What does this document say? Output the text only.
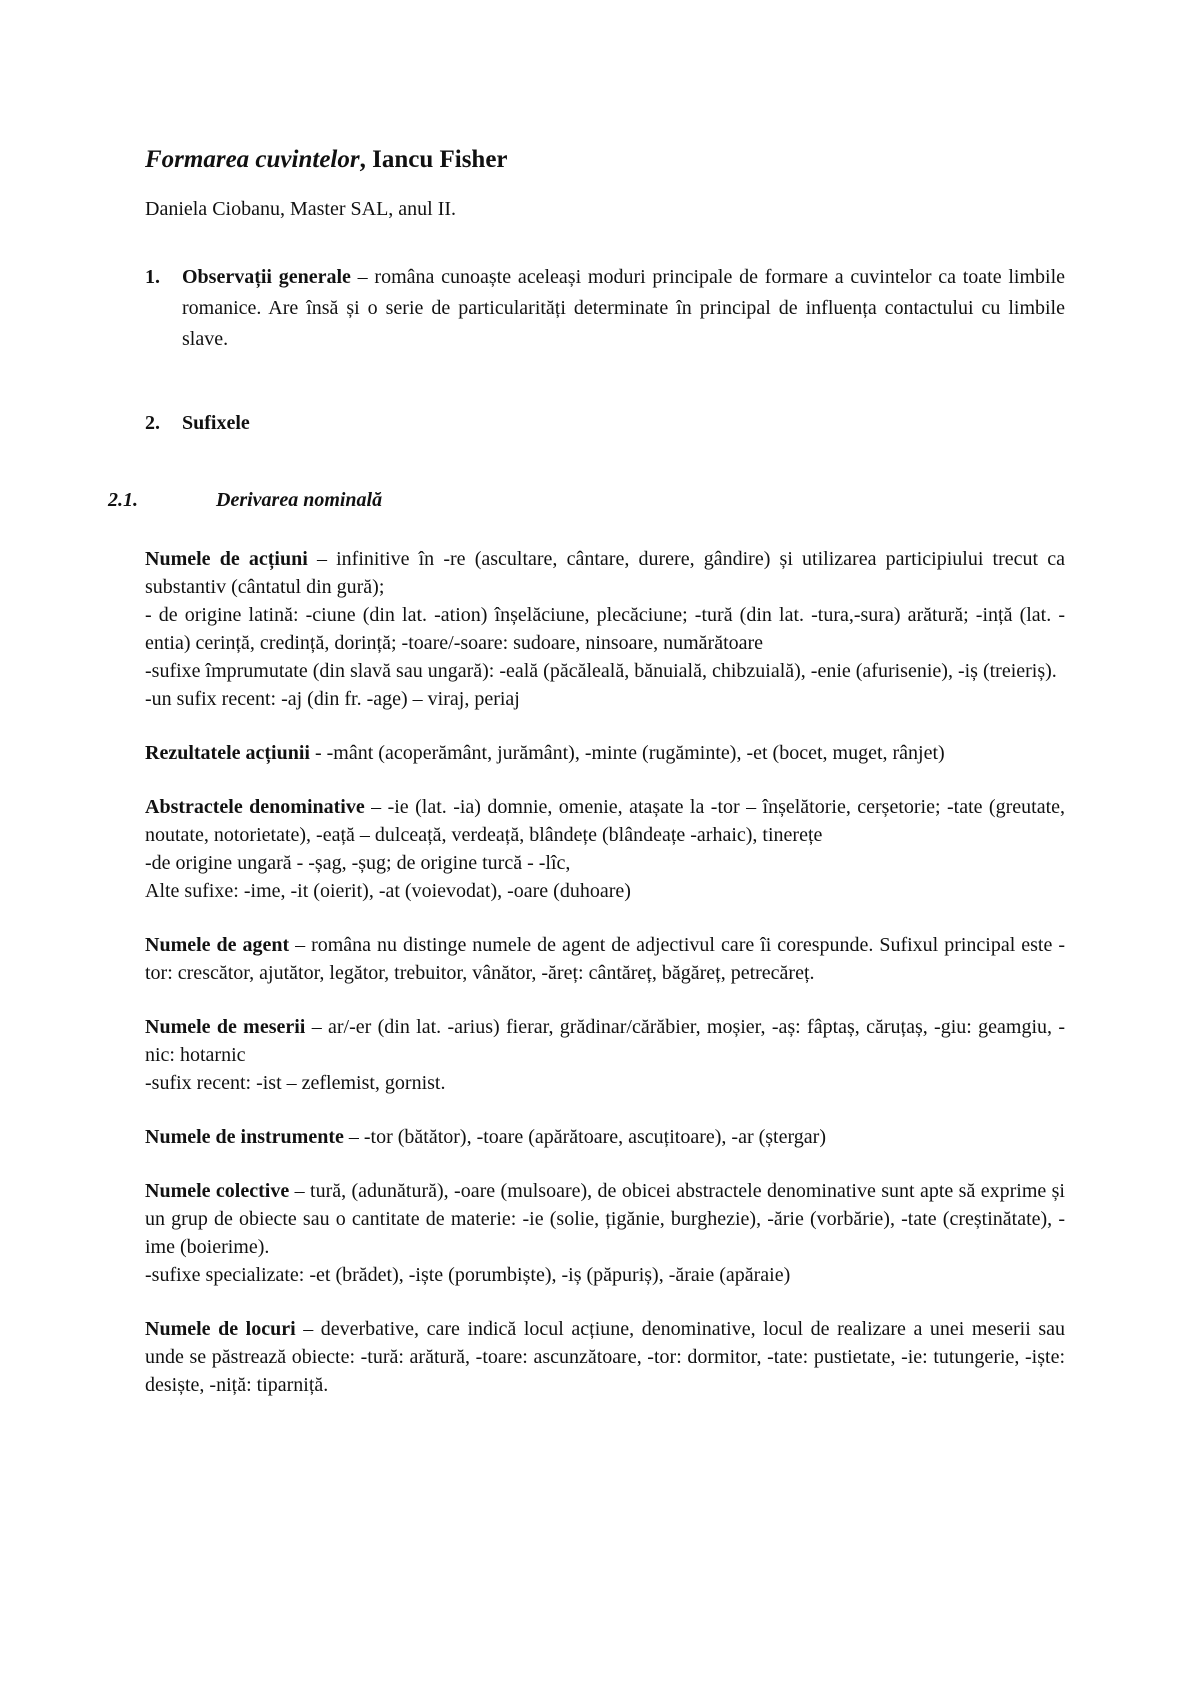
Formarea cuvintelor, Iancu Fisher
Daniela Ciobanu, Master SAL, anul II.
1. Observații generale – româna cunoaște aceleași moduri principale de formare a cuvintelor ca toate limbile romanice. Are însă și o serie de particularități determinate în principal de influența contactului cu limbile slave.
2. Sufixele
2.1.	Derivarea nominală
Numele de acțiuni – infinitive în -re (ascultare, cântare, durere, gândire) și utilizarea participiului trecut ca substantiv (cântatul din gură);
- de origine latină: -ciune (din lat. -ation) înșelăciune, plecăciune; -tură (din lat. -tura,-sura) arătură; -ință (lat. -entia) cerință, credință, dorință; -toare/-soare: sudoare, ninsoare, numărătoare
-sufixe împrumutate (din slavă sau ungară): -eală (păcăleală, bănuială, chibzuială), -enie (afurisenie), -iș (treieriș).
-un sufix recent: -aj (din fr. -age) – viraj, periaj
Rezultatele acțiunii - -mânt (acoperământ, jurământ), -minte (rugăminte), -et (bocet, muget, rânjet)
Abstractele denominative – -ie (lat. -ia) domnie, omenie, atașate la -tor – înșelătorie, cerșetorie; -tate (greutate, noutate, notorietate), -eață – dulceață, verdeață, blândețe (blândeațe -arhaic), tinerețe
-de origine ungară - -șag, -șug; de origine turcă - -lîc,
Alte sufixe: -ime, -it (oierit), -at (voievodat), -oare (duhoare)
Numele de agent – româna nu distinge numele de agent de adjectivul care îi corespunde. Sufixul principal este -tor: crescător, ajutător, legător, trebuitor, vânător, -ăreț: cântăreț, băgăreț, petrecăreț.
Numele de meserii – ar/-er (din lat. -arius) fierar, grădinar/cărăbier, moșier, -aș: fâptaș, căruțaș, -giu: geamgiu, -nic: hotarnic
-sufix recent: -ist – zeflemist, gornist.
Numele de instrumente – -tor (bătător), -toare (apărătoare, ascuțitoare), -ar (ștergar)
Numele colective – tură, (adunătură), -oare (mulsoare), de obicei abstractele denominative sunt apte să exprime și un grup de obiecte sau o cantitate de materie: -ie (solie, țigănie, burghezie), -ărie (vorbărie), -tate (creștinătate), -ime (boierime).
-sufixe specializate: -et (brădet), -iște (porumbiște), -iș (păpuriș), -ăraie (apăraie)
Numele de locuri – deverbative, care indică locul acțiune, denominative, locul de realizare a unei meserii sau unde se păstrează obiecte: -tură: arătură, -toare: ascunzătoare, -tor: dormitor, -tate: pustietate, -ie: tutungerie, -iște: desiște, -niță: tiparniță.
